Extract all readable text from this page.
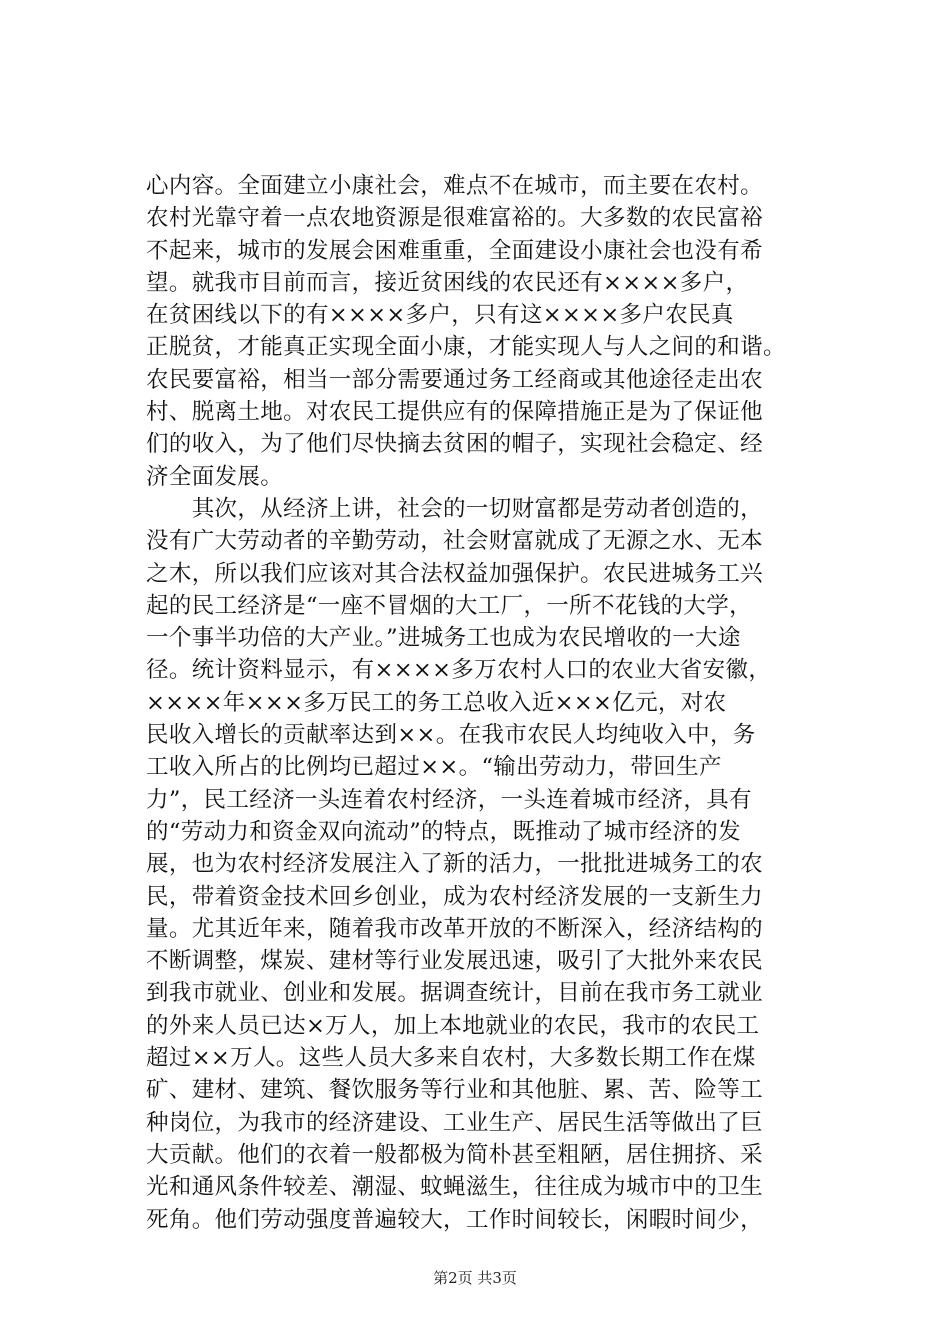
心内容。全面建立小康社会，难点不在城市，而主要在农村。
农村光靠守着一点农地资源是很难富裕的。大多数的农民富裕
不起来，城市的发展会困难重重，全面建设小康社会也没有希
望。就我市目前而言，接近贫困线的农民还有××××多户，
在贫困线以下的有××××多户，只有这××××多户农民真
正脱贫，才能真正实现全面小康，才能实现人与人之间的和谐。
农民要富裕，相当一部分需要通过务工经商或其他途径走出农
村、脱离土地。对农民工提供应有的保障措施正是为了保证他
们的收入，为了他们尽快摘去贫困的帽子，实现社会稳定、经
济全面发展。
　　其次，从经济上讲，社会的一切财富都是劳动者创造的，
没有广大劳动者的辛勤劳动，社会财富就成了无源之水、无本
之木，所以我们应该对其合法权益加强保护。农民进城务工兴
起的民工经济是“一座不冒烟的大工厂，一所不花钱的大学，
一个事半功倍的大产业。”进城务工也成为农民增收的一大途
径。统计资料显示，有××××多万农村人口的农业大省安徽，
××××年×××多万民工的务工总收入近×××亿元，对农
民收入增长的贡献率达到××。在我市农民人均纯收入中，务
工收入所占的比例均已超过××。“输出劳动力，带回生产
力”，民工经济一头连着农村经济，一头连着城市经济，具有
的“劳动力和资金双向流动”的特点，既推动了城市经济的发
展，也为农村经济发展注入了新的活力，一批批进城务工的农
民，带着资金技术回乡创业，成为农村经济发展的一支新生力
量。尤其近年来，随着我市改革开放的不断深入，经济结构的
不断调整，煤炭、建材等行业发展迅速，吸引了大批外来农民
到我市就业、创业和发展。据调查统计，目前在我市务工就业
的外来人员已达×万人，加上本地就业的农民，我市的农民工
超过××万人。这些人员大多来自农村，大多数长期工作在煤
矿、建材、建筑、餐饮服务等行业和其他脏、累、苦、险等工
种岗位，为我市的经济建设、工业生产、居民生活等做出了巨
大贡献。他们的衣着一般都极为简朴甚至粗陋，居住拥挤、采
光和通风条件较差、潮湿、蚊蝇滋生，往往成为城市中的卫生
死角。他们劳动强度普遍较大，工作时间较长，闲暇时间少，
第2页 共3页
